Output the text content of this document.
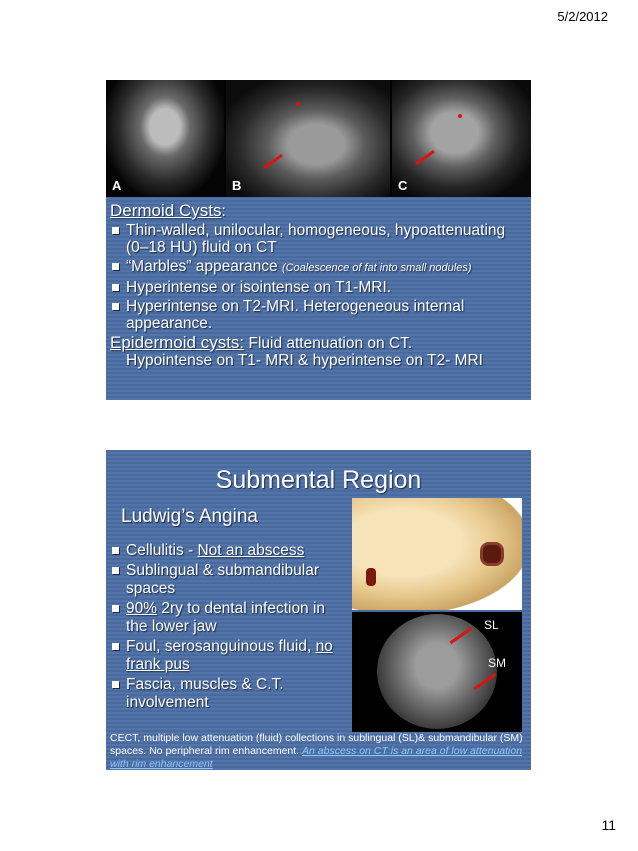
5/2/2012
A	B	C
Dermoid Cysts:
Thin-walled, unilocular, homogeneous, hypoattenuating (0–18 HU) fluid on CT
“Marbles” appearance (Coalescence of fat into small nodules)
Hyperintense or isointense on T1-MRI.
Hyperintense on T2-MRI. Heterogeneous internal appearance.
Epidermoid cysts: Fluid attenuation on CT.
Hypointense on T1- MRI & hyperintense on T2- MRI
Submental Region
Ludwig’s Angina
Cellulitis - Not an abscess
Sublingual & submandibular spaces
90% 2ry to dental infection in the lower jaw
Foul, serosanguinous fluid, no frank pus
Fascia, muscles & C.T. involvement
SL
SM
CECT, multiple low attenuation (fluid) collections in sublingual (SL)& submandibular (SM) spaces. No peripheral rim enhancement. An abscess on CT is an area of low attenuation with rim enhancement
11
